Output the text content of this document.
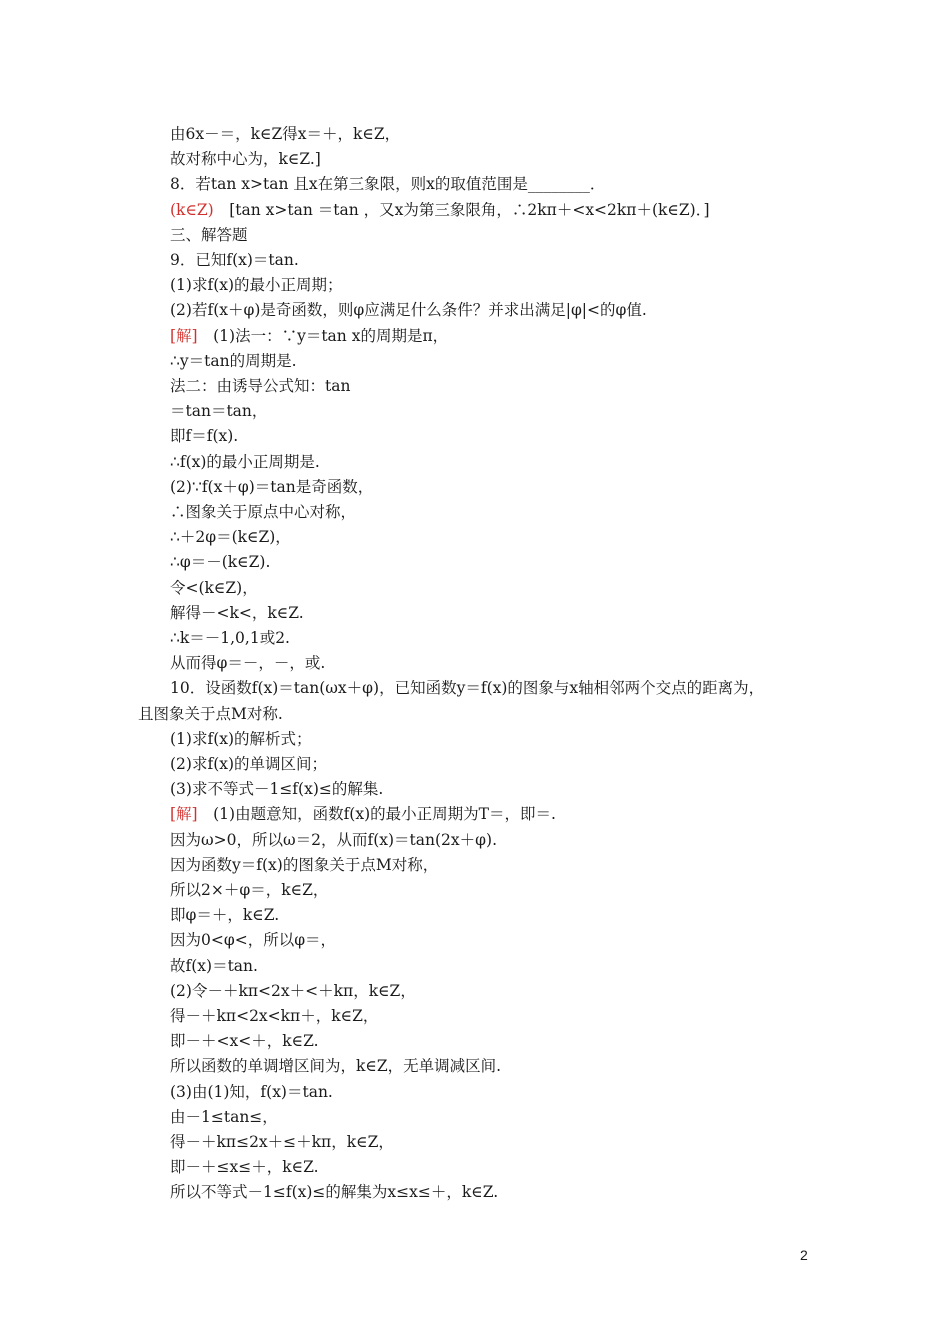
由6x－＝，k∈Z得x＝＋，k∈Z，
故对称中心为，k∈Z.]
8．若tan x>tan 且x在第三象限，则x的取值范围是________．
(k∈Z)  [tan x>tan ＝tan ，又x为第三象限角，∴2kπ＋<x<2kπ＋(k∈Z)．]
三、解答题
9．已知f(x)＝tan.
(1)求f(x)的最小正周期；
(2)若f(x＋φ)是奇函数，则φ应满足什么条件？并求出满足|φ|<的φ值.
[解]  (1)法一：∵y＝tan x的周期是π，
∴y＝tan的周期是.
法二：由诱导公式知：tan
＝tan＝tan，
即f＝f(x).
∴f(x)的最小正周期是.
(2)∵f(x＋φ)＝tan是奇函数，
∴图象关于原点中心对称，
∴＋2φ＝(k∈Z)，
∴φ＝－(k∈Z).
令<(k∈Z)，
解得－<k<，k∈Z.
∴k＝－1,0,1或2.
从而得φ＝－，－，或.
10．设函数f(x)＝tan(ωx＋φ)，已知函数y＝f(x)的图象与x轴相邻两个交点的距离为，
且图象关于点M对称.
(1)求f(x)的解析式；
(2)求f(x)的单调区间；
(3)求不等式－1≤f(x)≤的解集.
[解]  (1)由题意知，函数f(x)的最小正周期为T＝，即＝.
因为ω>0，所以ω＝2，从而f(x)＝tan(2x＋φ).
因为函数y＝f(x)的图象关于点M对称，
所以2×＋φ＝，k∈Z，
即φ＝＋，k∈Z.
因为0<φ<，所以φ＝，
故f(x)＝tan.
(2)令－＋kπ<2x＋<＋kπ，k∈Z，
得－＋kπ<2x<kπ＋，k∈Z，
即－＋<x<＋，k∈Z.
所以函数的单调增区间为，k∈Z，无单调减区间.
(3)由(1)知，f(x)＝tan.
由－1≤tan≤，
得－＋kπ≤2x＋≤＋kπ，k∈Z，
即－＋≤x≤＋，k∈Z.
所以不等式－1≤f(x)≤的解集为x≤x≤＋，k∈Z.
2
